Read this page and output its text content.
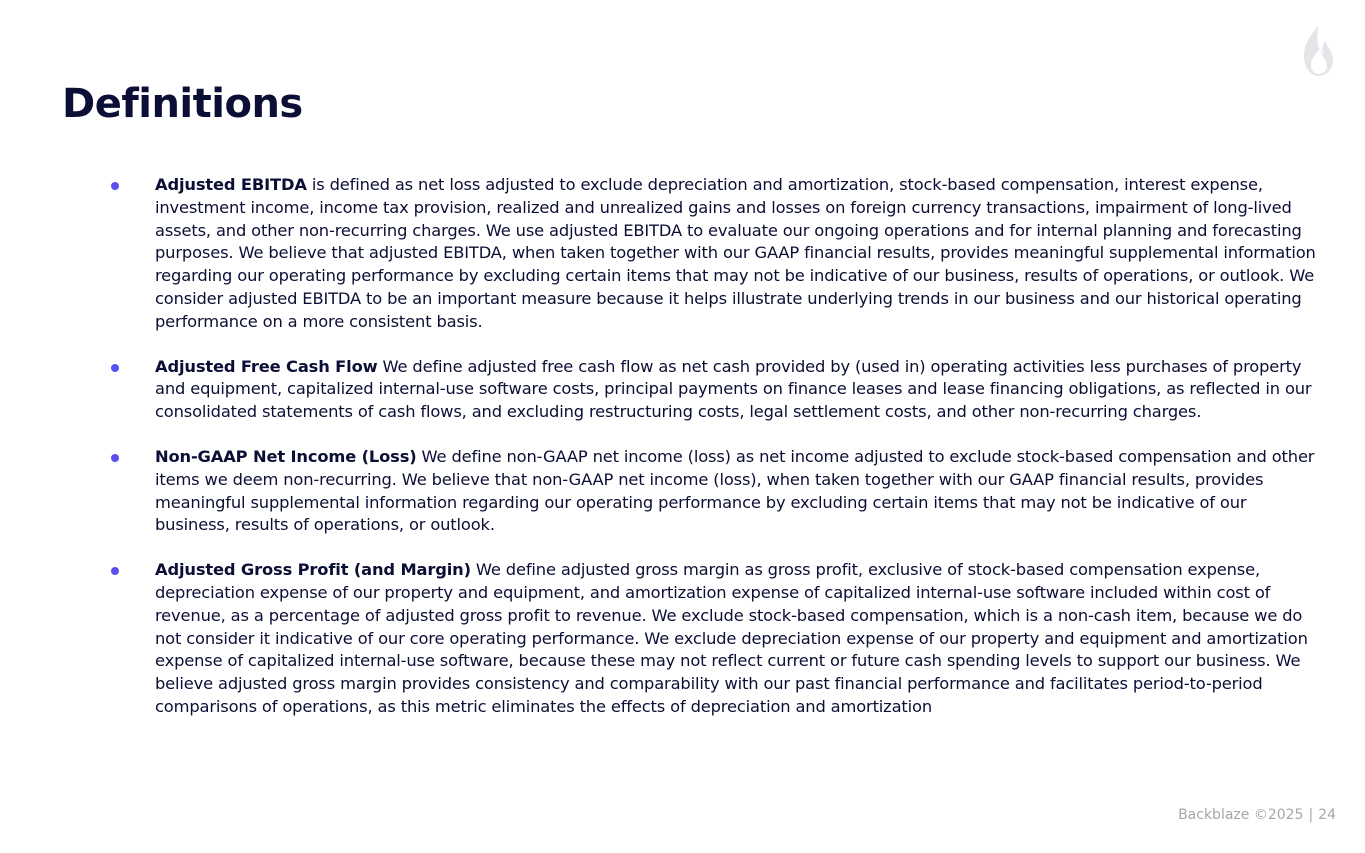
Definitions
Adjusted EBITDA is defined as net loss adjusted to exclude depreciation and amortization, stock-based compensation, interest expense, investment income, income tax provision, realized and unrealized gains and losses on foreign currency transactions, impairment of long-lived assets, and other non-recurring charges. We use adjusted EBITDA to evaluate our ongoing operations and for internal planning and forecasting purposes. We believe that adjusted EBITDA, when taken together with our GAAP financial results, provides meaningful supplemental information regarding our operating performance by excluding certain items that may not be indicative of our business, results of operations, or outlook. We consider adjusted EBITDA to be an important measure because it helps illustrate underlying trends in our business and our historical operating performance on a more consistent basis.
Adjusted Free Cash Flow We define adjusted free cash flow as net cash provided by (used in) operating activities less purchases of property and equipment, capitalized internal-use software costs, principal payments on finance leases and lease financing obligations, as reflected in our consolidated statements of cash flows, and excluding restructuring costs, legal settlement costs, and other non-recurring charges.
Non-GAAP Net Income (Loss) We define non-GAAP net income (loss) as net income adjusted to exclude stock-based compensation and other items we deem non-recurring. We believe that non-GAAP net income (loss), when taken together with our GAAP financial results, provides meaningful supplemental information regarding our operating performance by excluding certain items that may not be indicative of our business, results of operations, or outlook.
Adjusted Gross Profit (and Margin) We define adjusted gross margin as gross profit, exclusive of stock-based compensation expense, depreciation expense of our property and equipment, and amortization expense of capitalized internal-use software included within cost of revenue, as a percentage of adjusted gross profit to revenue. We exclude stock-based compensation, which is a non-cash item, because we do not consider it indicative of our core operating performance. We exclude depreciation expense of our property and equipment and amortization expense of capitalized internal-use software, because these may not reflect current or future cash spending levels to support our business. We believe adjusted gross margin provides consistency and comparability with our past financial performance and facilitates period-to-period comparisons of operations, as this metric eliminates the effects of depreciation and amortization
Backblaze ©2025 | 24
